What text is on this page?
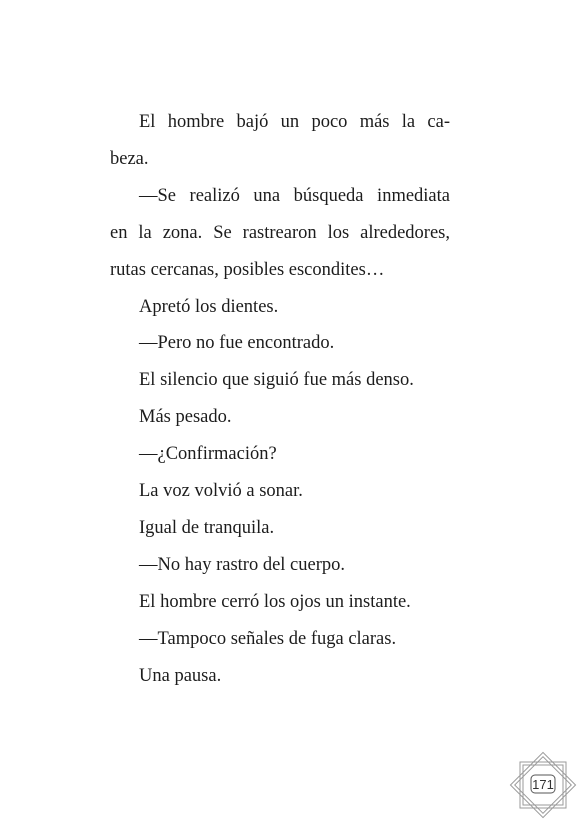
El hombre bajó un poco más la ca-
beza.

—Se realizó una búsqueda inmediata
en la zona. Se rastrearon los alrededores,
rutas cercanas, posibles escondites…

Apretó los dientes.

—Pero no fue encontrado.

El silencio que siguió fue más denso.

Más pesado.

—¿Confirmación?

La voz volvió a sonar.

Igual de tranquila.

—No hay rastro del cuerpo.

El hombre cerró los ojos un instante.

—Tampoco señales de fuga claras.

Una pausa.

171
